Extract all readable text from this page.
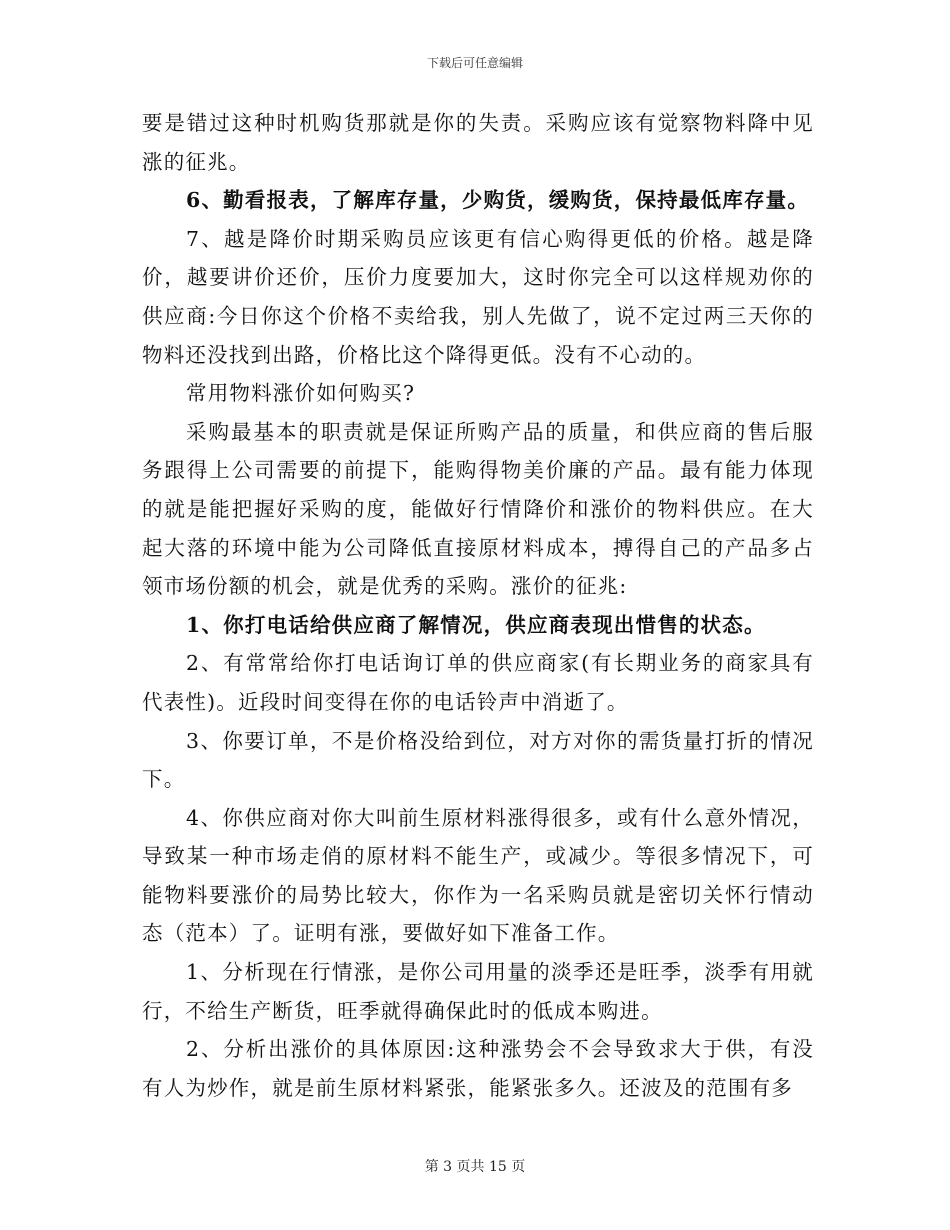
下载后可任意编辑

要是错过这种时机购货那就是你的失责。采购应该有觉察物料降中见涨的征兆。

6、勤看报表，了解库存量，少购货，缓购货，保持最低库存量。

7、越是降价时期采购员应该更有信心购得更低的价格。越是降价，越要讲价还价，压价力度要加大，这时你完全可以这样规劝你的供应商:今日你这个价格不卖给我，别人先做了，说不定过两三天你的物料还没找到出路，价格比这个降得更低。没有不心动的。

常用物料涨价如何购买?

采购最基本的职责就是保证所购产品的质量，和供应商的售后服务跟得上公司需要的前提下，能购得物美价廉的产品。最有能力体现的就是能把握好采购的度，能做好行情降价和涨价的物料供应。在大起大落的环境中能为公司降低直接原材料成本，搏得自己的产品多占领市场份额的机会，就是优秀的采购。涨价的征兆:

1、你打电话给供应商了解情况，供应商表现出惜售的状态。

2、有常常给你打电话询订单的供应商家(有长期业务的商家具有代表性)。近段时间变得在你的电话铃声中消逝了。

3、你要订单，不是价格没给到位，对方对你的需货量打折的情况下。

4、你供应商对你大叫前生原材料涨得很多，或有什么意外情况，导致某一种市场走俏的原材料不能生产，或减少。等很多情况下，可能物料要涨价的局势比较大，你作为一名采购员就是密切关怀行情动态（范本）了。证明有涨，要做好如下准备工作。

1、分析现在行情涨，是你公司用量的淡季还是旺季，淡季有用就行，不给生产断货，旺季就得确保此时的低成本购进。

2、分析出涨价的具体原因:这种涨势会不会导致求大于供，有没有人为炒作，就是前生原材料紧张，能紧张多久。还波及的范围有多

第 3 页共 15 页
